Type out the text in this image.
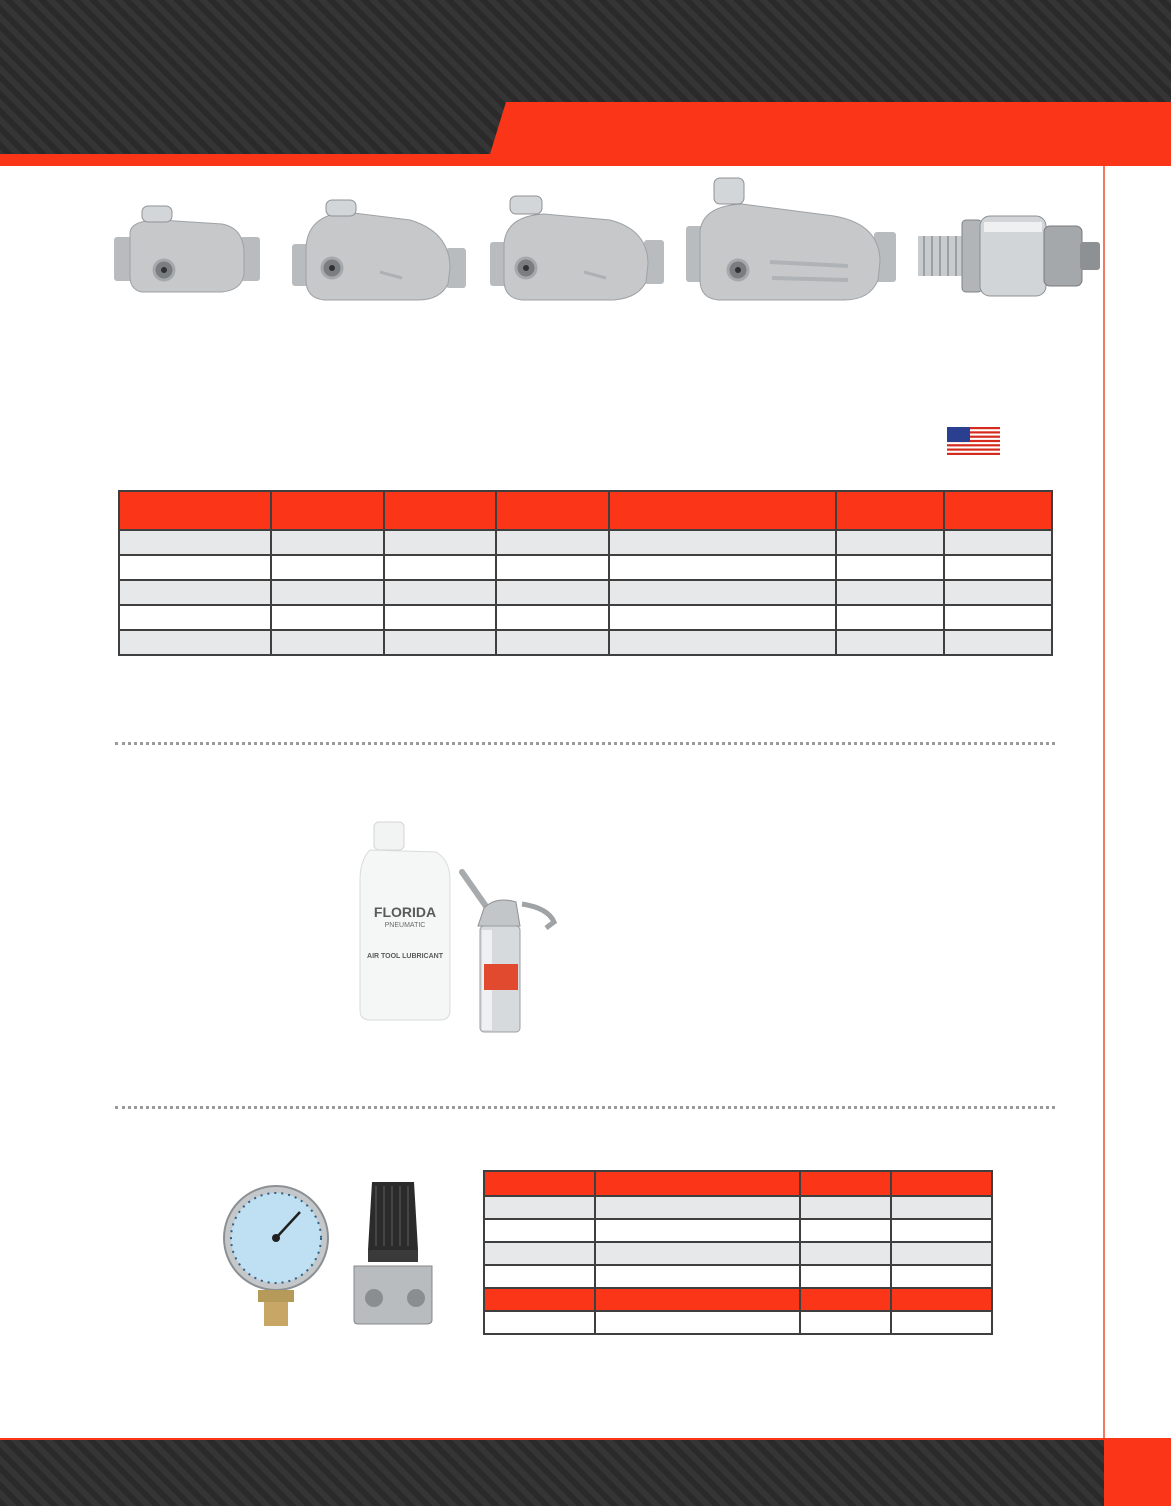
FLORIDA
PNEUMATIC
AIR TOOL LUBRICANT
